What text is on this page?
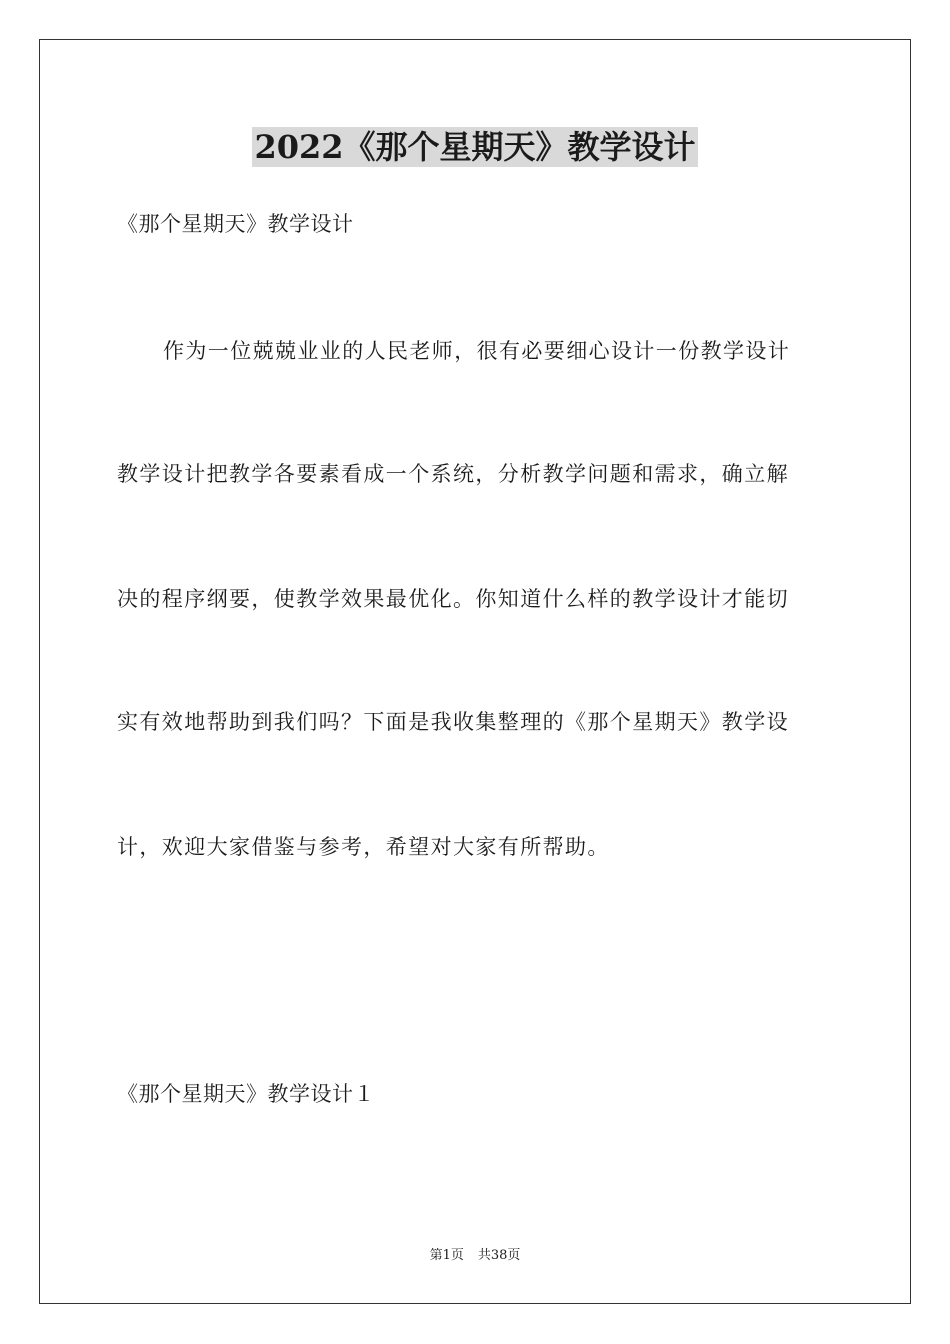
2022《那个星期天》教学设计
《那个星期天》教学设计
作为一位兢兢业业的人民老师，很有必要细心设计一份教学设计
教学设计把教学各要素看成一个系统，分析教学问题和需求，确立解
决的程序纲要，使教学效果最优化。你知道什么样的教学设计才能切
实有效地帮助到我们吗？下面是我收集整理的《那个星期天》教学设
计，欢迎大家借鉴与参考，希望对大家有所帮助。
《那个星期天》教学设计１
第1页 共38页
